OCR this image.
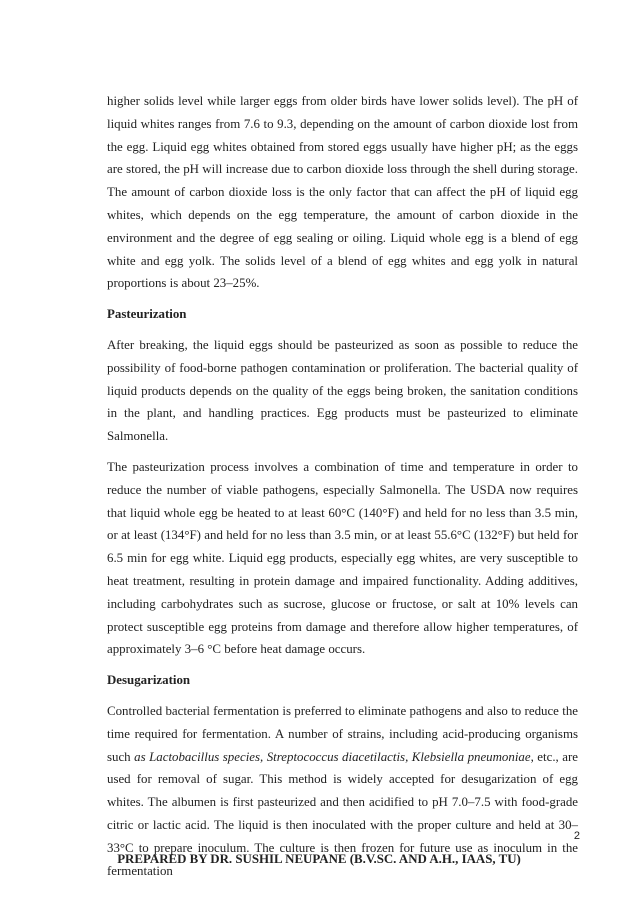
higher solids level while larger eggs from older birds have lower solids level). The pH of liquid whites ranges from 7.6 to 9.3, depending on the amount of carbon dioxide lost from the egg. Liquid egg whites obtained from stored eggs usually have higher pH; as the eggs are stored, the pH will increase due to carbon dioxide loss through the shell during storage. The amount of carbon dioxide loss is the only factor that can affect the pH of liquid egg whites, which depends on the egg temperature, the amount of carbon dioxide in the environment and the degree of egg sealing or oiling. Liquid whole egg is a blend of egg white and egg yolk. The solids level of a blend of egg whites and egg yolk in natural proportions is about 23–25%.

Pasteurization

After breaking, the liquid eggs should be pasteurized as soon as possible to reduce the possibility of food-borne pathogen contamination or proliferation. The bacterial quality of liquid products depends on the quality of the eggs being broken, the sanitation conditions in the plant, and handling practices. Egg products must be pasteurized to eliminate Salmonella.

The pasteurization process involves a combination of time and temperature in order to reduce the number of viable pathogens, especially Salmonella. The USDA now requires that liquid whole egg be heated to at least 60°C (140°F) and held for no less than 3.5 min, or at least (134°F) and held for no less than 3.5 min, or at least 55.6°C (132°F) but held for 6.5 min for egg white. Liquid egg products, especially egg whites, are very susceptible to heat treatment, resulting in protein damage and impaired functionality. Adding additives, including carbohydrates such as sucrose, glucose or fructose, or salt at 10% levels can protect susceptible egg proteins from damage and therefore allow higher temperatures, of approximately 3–6 °C before heat damage occurs.

Desugarization

Controlled bacterial fermentation is preferred to eliminate pathogens and also to reduce the time required for fermentation. A number of strains, including acid-producing organisms such as Lactobacillus species, Streptococcus diacetilactis, Klebsiella pneumoniae, etc., are used for removal of sugar. This method is widely accepted for desugarization of egg whites. The albumen is first pasteurized and then acidified to pH 7.0–7.5 with food-grade citric or lactic acid. The liquid is then inoculated with the proper culture and held at 30–33°C to prepare inoculum. The culture is then frozen for future use as inoculum in the fermentation

2
PREPARED BY DR. SUSHIL NEUPANE (B.V.SC. AND A.H., IAAS, TU)
